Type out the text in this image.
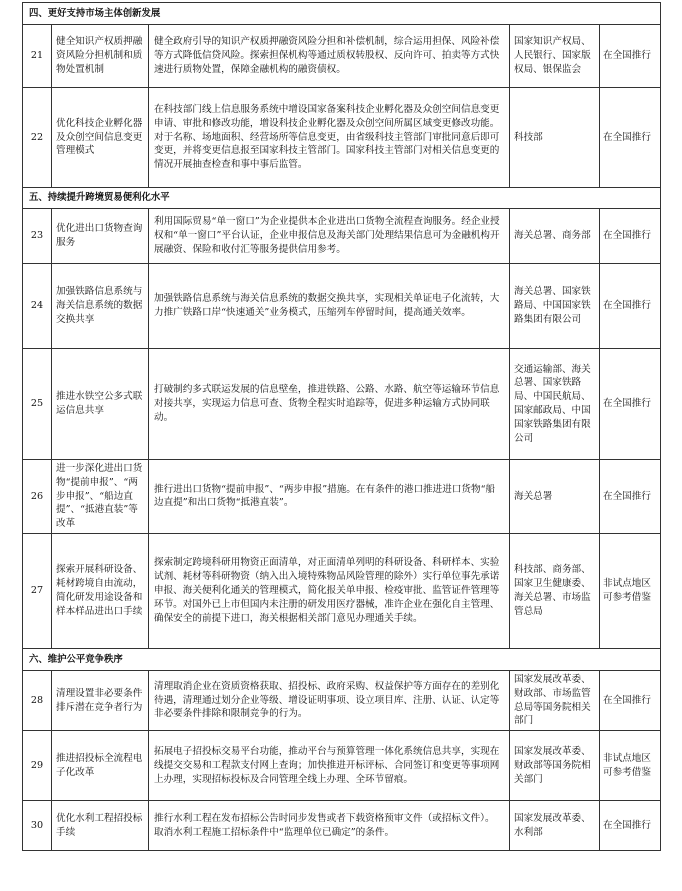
四、更好支持市场主体创新发展				
21	健全知识产权质押融资风险分担机制和质物处置机制	健全政府引导的知识产权质押融资风险分担和补偿机制，综合运用担保、风险补偿等方式降低信贷风险。探索担保机构等通过质权转股权、反向许可、拍卖等方式快速进行质物处置，保障金融机构的融资债权。	国家知识产权局、人民银行、国家版权局、银保监会	在全国推行
22	优化科技企业孵化器及众创空间信息变更管理模式	在科技部门线上信息服务系统中增设国家备案科技企业孵化器及众创空间信息变更申请、审批和修改功能，增设科技企业孵化器及众创空间所属区域变更修改功能。对于名称、场地面积、经营场所等信息变更，由省级科技主管部门审批同意后即可变更，并将变更信息报至国家科技主管部门。国家科技主管部门对相关信息变更的情况开展抽查检查和事中事后监管。	科技部	在全国推行
五、持续提升跨境贸易便利化水平				
23	优化进出口货物查询服务	利用国际贸易“单一窗口”为企业提供本企业进出口货物全流程查询服务。经企业授权和“单一窗口”平台认证，企业申报信息及海关部门处理结果信息可为金融机构开展融资、保险和收付汇等服务提供信用参考。	海关总署、商务部	在全国推行
24	加强铁路信息系统与海关信息系统的数据交换共享	加强铁路信息系统与海关信息系统的数据交换共享，实现相关单证电子化流转，大力推广铁路口岸“快速通关”业务模式，压缩列车停留时间，提高通关效率。	海关总署、国家铁路局、中国国家铁路集团有限公司	在全国推行
25	推进水铁空公多式联运信息共享	打破制约多式联运发展的信息壁垒，推进铁路、公路、水路、航空等运输环节信息对接共享，实现运力信息可查、货物全程实时追踪等，促进多种运输方式协同联动。	交通运输部、海关总署、国家铁路局、中国民航局、国家邮政局、中国国家铁路集团有限公司	在全国推行
26	进一步深化进出口货物“提前申报”、“两步申报”、“船边直提”、“抵港直装”等改革	推行进出口货物“提前申报”、“两步申报”措施。在有条件的港口推进进口货物“船边直提”和出口货物“抵港直装”。	海关总署	在全国推行
27	探索开展科研设备、耗材跨境自由流动，简化研发用途设备和样本样品进出口手续	探索制定跨境科研用物资正面清单，对正面清单列明的科研设备、科研样本、实验试剂、耗材等科研物资（纳入出入境特殊物品风险管理的除外）实行单位事先承诺申报、海关便利化通关的管理模式，简化报关单申报、检疫审批、监管证件管理等环节。对国外已上市但国内未注册的研发用医疗器械，准许企业在强化自主管理、确保安全的前提下进口，海关根据相关部门意见办理通关手续。	科技部、商务部、国家卫生健康委、海关总署、市场监管总局	非试点地区可参考借鉴
六、维护公平竞争秩序				
28	清理设置非必要条件排斥潜在竞争者行为	清理取消企业在资质资格获取、招投标、政府采购、权益保护等方面存在的差别化待遇，清理通过划分企业等级、增设证明事项、设立项目库、注册、认证、认定等非必要条件排除和限制竞争的行为。	国家发展改革委、财政部、市场监管总局等国务院相关部门	在全国推行
29	推进招投标全流程电子化改革	拓展电子招投标交易平台功能，推动平台与预算管理一体化系统信息共享，实现在线提交交易和工程款支付网上查询；加快推进开标评标、合同签订和变更等事项网上办理，实现招标投标及合同管理全线上办理、全环节留痕。	国家发展改革委、财政部等国务院相关部门	非试点地区可参考借鉴
30	优化水利工程招投标手续	推行水利工程在发布招标公告时同步发售或者下载资格预审文件（或招标文件）。取消水利工程施工招标条件中“监理单位已确定”的条件。	国家发展改革委、水利部	在全国推行
